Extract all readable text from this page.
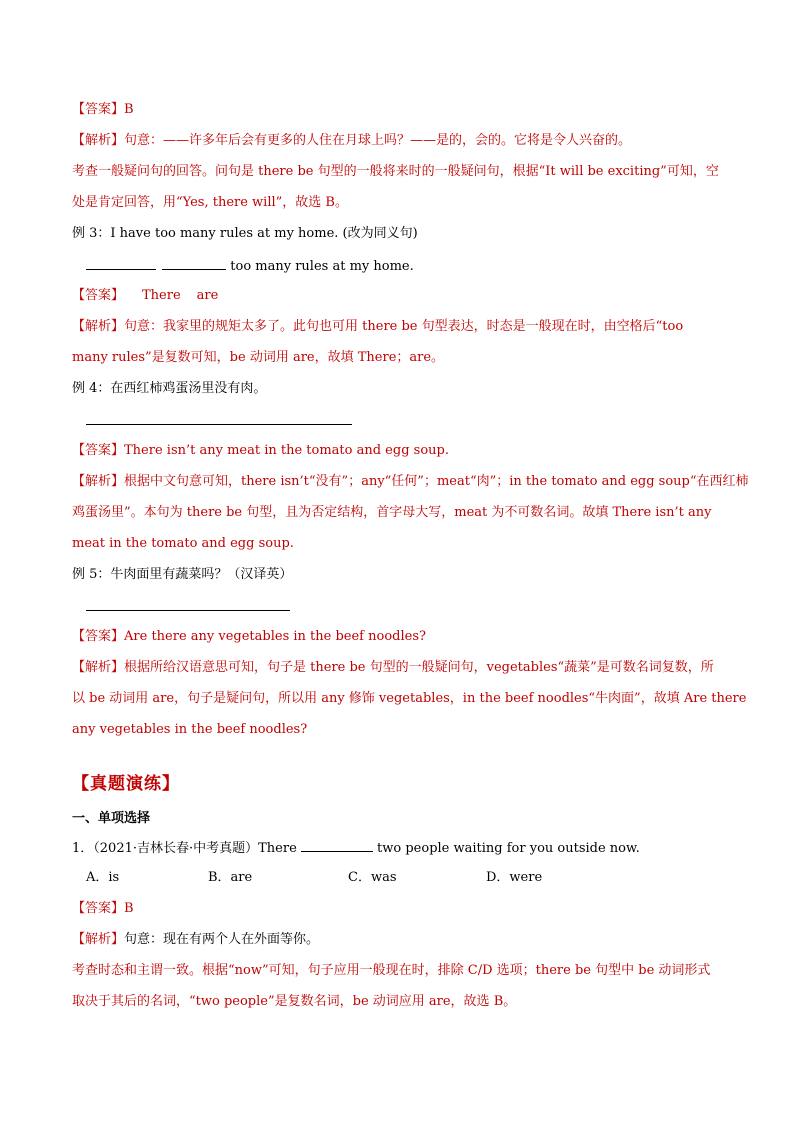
【答案】B
【解析】句意：——许多年后会有更多的人住在月球上吗？——是的，会的。它将是令人兴奋的。
考查一般疑问句的回答。问句是 there be 句型的一般将来时的一般疑问句，根据“It will be exciting”可知，空
处是肯定回答，用“Yes, there will”，故选 B。
例 3：I have too many rules at my home. (改为同义句)
too many rules at my home.
【答案】 There are
【解析】句意：我家里的规矩太多了。此句也可用 there be 句型表达，时态是一般现在时，由空格后“too
many rules”是复数可知，be 动词用 are，故填 There；are。
例 4：在西红柿鸡蛋汤里没有肉。
【答案】There isn’t any meat in the tomato and egg soup.
【解析】根据中文句意可知，there isn’t“没有”；any“任何”；meat“肉”；in the tomato and egg soup“在西红柿
鸡蛋汤里”。本句为 there be 句型，且为否定结构，首字母大写，meat 为不可数名词。故填 There isn’t any
meat in the tomato and egg soup.
例 5：牛肉面里有蔬菜吗？（汉译英）
【答案】Are there any vegetables in the beef noodles?
【解析】根据所给汉语意思可知，句子是 there be 句型的一般疑问句，vegetables“蔬菜”是可数名词复数，所
以 be 动词用 are，句子是疑问句，所以用 any 修饰 vegetables，in the beef noodles“牛肉面”，故填 Are there
any vegetables in the beef noodles?
【真题演练】
一、单项选择
1．（2021·吉林长春·中考真题）There	two people waiting for you outside now.
A．is	B．are	C．was	D．were
【答案】B
【解析】句意：现在有两个人在外面等你。
考查时态和主谓一致。根据“now”可知，句子应用一般现在时，排除 C/D 选项；there be 句型中 be 动词形式
取决于其后的名词，“two people”是复数名词，be 动词应用 are，故选 B。
